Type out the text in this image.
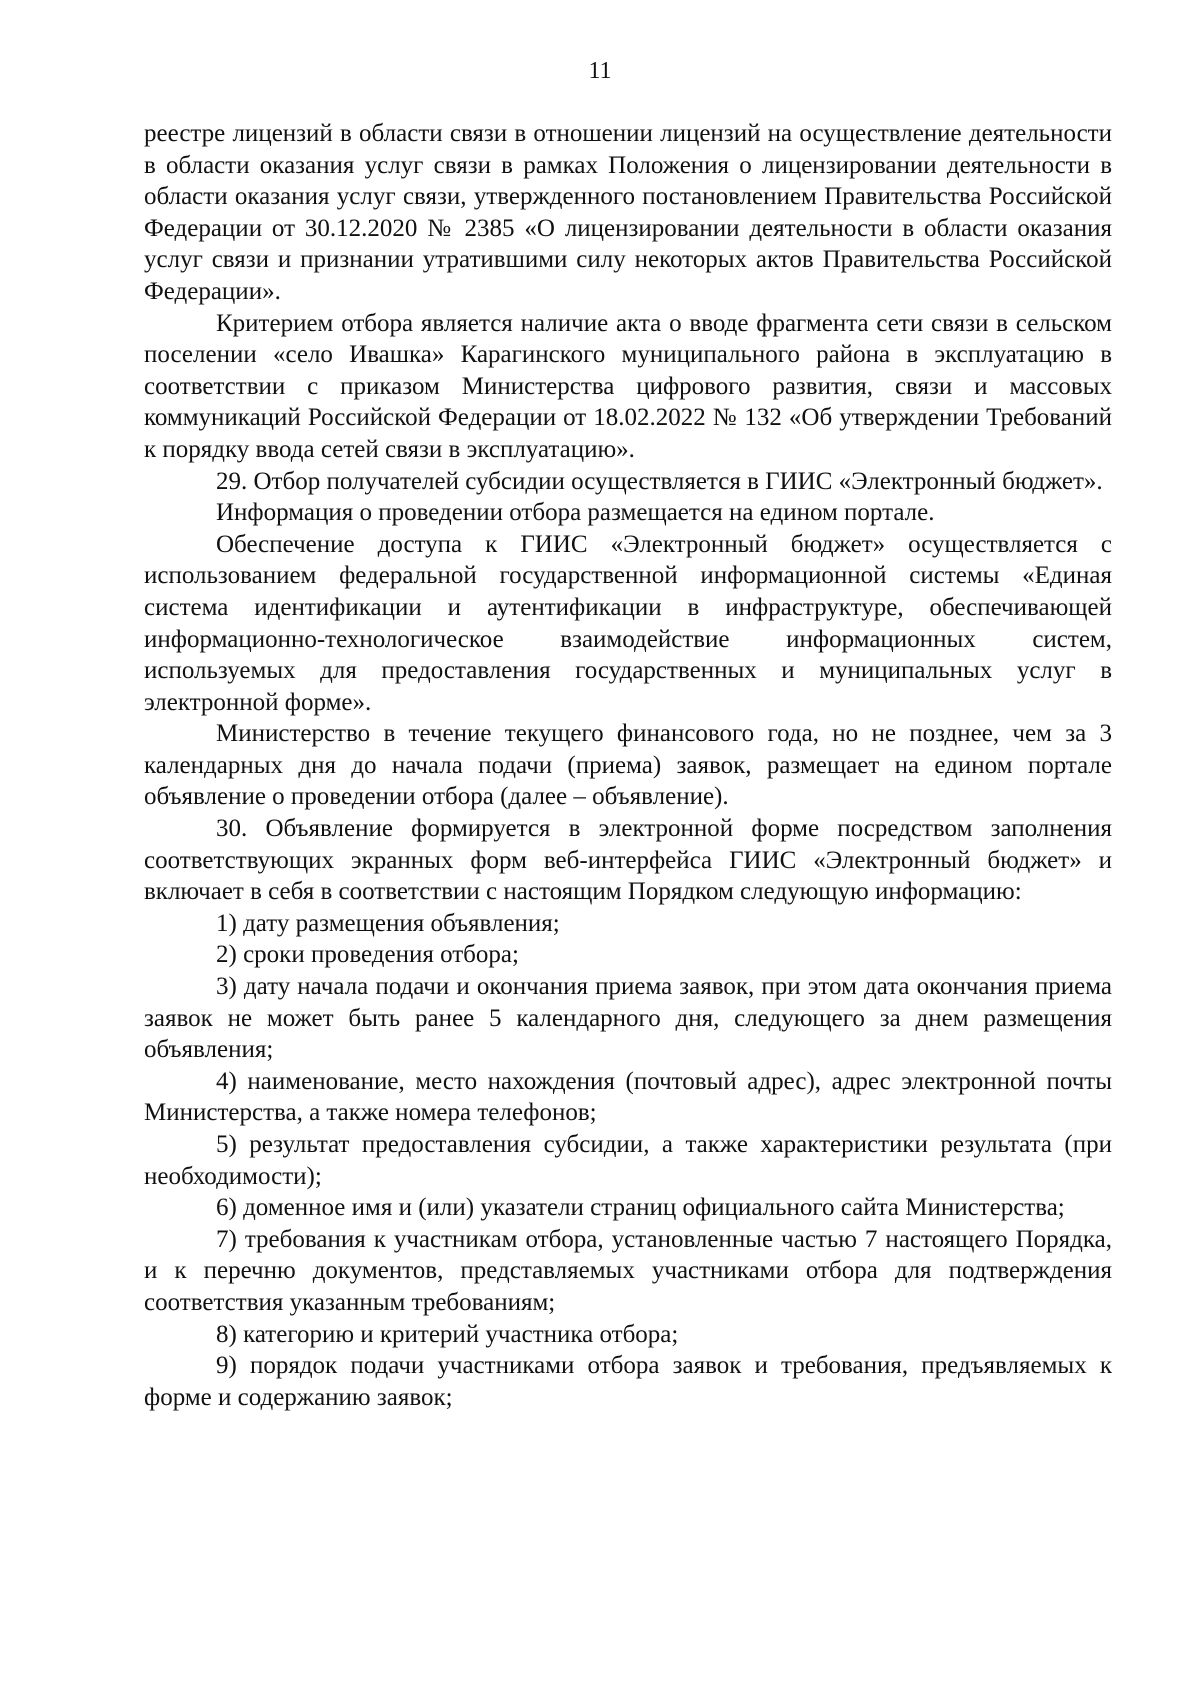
11

реестре лицензий в области связи в отношении лицензий на осуществление деятельности в области оказания услуг связи в рамках Положения о лицензировании деятельности в области оказания услуг связи, утвержденного постановлением Правительства Российской Федерации от 30.12.2020 № 2385 «О лицензировании деятельности в области оказания услуг связи и признании утратившими силу некоторых актов Правительства Российской Федерации».

Критерием отбора является наличие акта о вводе фрагмента сети связи в сельском поселении «село Ивашка» Карагинского муниципального района в эксплуатацию в соответствии с приказом Министерства цифрового развития, связи и массовых коммуникаций Российской Федерации от 18.02.2022 № 132 «Об утверждении Требований к порядку ввода сетей связи в эксплуатацию».

29. Отбор получателей субсидии осуществляется в ГИИС «Электронный бюджет».

Информация о проведении отбора размещается на едином портале.

Обеспечение доступа к ГИИС «Электронный бюджет» осуществляется с использованием федеральной государственной информационной системы «Единая система идентификации и аутентификации в инфраструктуре, обеспечивающей информационно-технологическое взаимодействие информационных систем, используемых для предоставления государственных и муниципальных услуг в электронной форме».

Министерство в течение текущего финансового года, но не позднее, чем за 3 календарных дня до начала подачи (приема) заявок, размещает на едином портале объявление о проведении отбора (далее – объявление).

30. Объявление формируется в электронной форме посредством заполнения соответствующих экранных форм веб-интерфейса ГИИС «Электронный бюджет» и включает в себя в соответствии с настоящим Порядком следующую информацию:

1) дату размещения объявления;

2) сроки проведения отбора;

3) дату начала подачи и окончания приема заявок, при этом дата окончания приема заявок не может быть ранее 5 календарного дня, следующего за днем размещения объявления;

4) наименование, место нахождения (почтовый адрес), адрес электронной почты Министерства, а также номера телефонов;

5) результат предоставления субсидии, а также характеристики результата (при необходимости);

6) доменное имя и (или) указатели страниц официального сайта Министерства;

7) требования к участникам отбора, установленные частью 7 настоящего Порядка, и к перечню документов, представляемых участниками отбора для подтверждения соответствия указанным требованиям;

8) категорию и критерий участника отбора;

9) порядок подачи участниками отбора заявок и требования, предъявляемых к форме и содержанию заявок;
